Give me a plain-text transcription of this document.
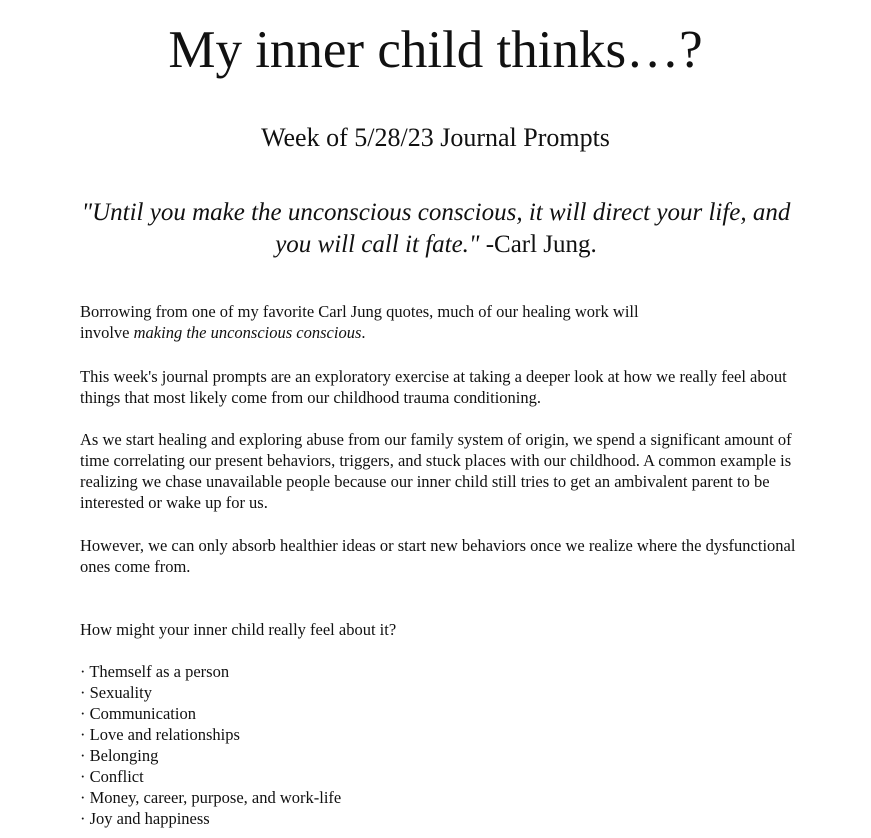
My inner child thinks…?
Week of 5/28/23 Journal Prompts

"Until you make the unconscious conscious, it will direct your life, and you will call it fate." -Carl Jung.

Borrowing from one of my favorite Carl Jung quotes, much of our healing work will
involve making the unconscious conscious.

This week's journal prompts are an exploratory exercise at taking a deeper look at how we really feel about things that most likely come from our childhood trauma conditioning.

As we start healing and exploring abuse from our family system of origin, we spend a significant amount of time correlating our present behaviors, triggers, and stuck places with our childhood. A common example is realizing we chase unavailable people because our inner child still tries to get an ambivalent parent to be interested or wake up for us.

However, we can only absorb healthier ideas or start new behaviors once we realize where the dysfunctional ones come from.

How might your inner child really feel about it?

· Themself as a person
· Sexuality
· Communication
· Love and relationships
· Belonging
· Conflict
· Money, career, purpose, and work-life
· Joy and happiness
